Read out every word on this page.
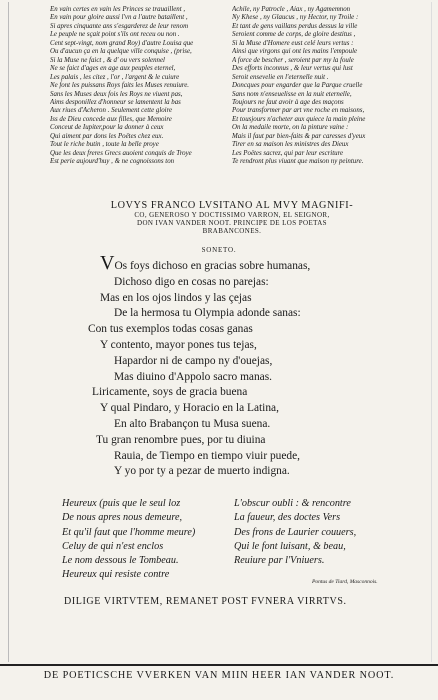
En vain certes en vain les Princes se trauaillent ,
En vain pour gloire aussi l'vn a l'autre bataillent ,
Si apres cinquante ans s'esgarderez de leur renom
Le peuple ne sçait point s'ils ont receu ou non .
Cent sept-vingt, nom grand Roy) d'autre Louisa que
Ou d'aucun ça en la quelque ville conquise , (prise,
Si la Muse ne faict , & d' ou vers solennel
Ne se faict d'ages en age aux peuples eternel,
Les palais , les citez , l'or , l'argent & le cuiure
Ne font les puissans Roys faits les Muses renuiure.
Sans les Muses deux fois les Roys ne viuent pas,
Aims desponillez d'honneur se lamentent la bas
Aux riues d'Acheron . Seulement cette gloire
Iss de Dieu concede aux filles, que Memoire
Conceut de Iupiter,pour la donner à ceux
Qui aiment par dons les Poëtes chez eux.
Tout le riche butin , toute la belle proye
Que les deux freres Grecs auoient conquis de Troye
Est perie aujourd'huy , & ne cognoissons ton
Achile, ny Patrocle , Aiax , ny Agamemnon
Ny Khese , ny Glaucus , ny Hector, ny Troile :
Et tant de gens vaillans perdus dessus la ville
Seroient comme de corps, de gloire destitus ,
Si la Muse d'Homere eust celé leurs vertus :
Ainsi que virgons qui ont les mains l'empoule
A force de bescher , seroient par my la foule
Des efforts inconnus , & leur vertus qui lust
Seroit ensevelie en l'eternelle nuit .
Doncques pour engarder que la Parque cruelle
Sans nom n'enseuelisse en la nuit eternelle,
Toujours ne faut avoir à age des maçons
Pour transformer par art vne roche en maisons,
Et tousjours n'acheter aux quiece la main pleine
On la medaile morte, on la pinture vaine :
Mais il faut par bien-faits & par caresses d'yeux
Tirer en sa maison les ministres des Dieux
Les Poëtes sacrez, qui par leur escriture
Te rendront plus viuant que maison ny peinture.
LOVYS FRANCO LVSITANO AL MVY MAGNIFI-
CO, GENEROSO Y DOCTISSIMO VARRON, EL SEIGNOR,
DON IVAN VANDER NOOT. PRINCIPE DE LOS POETAS
BRABANCONES.
SONETO.
VOs foys dichoso en gracias sobre humanas,
Dichoso digo en cosas no parejas:
Mas en los ojos lindos y las çejas
De la hermosa tu Olympia adonde sanas:
Con tus exemplos todas cosas ganas
Y contento, mayor pones tus tejas,
Hapardor ni de campo ny d'ouejas,
Mas diuino d'Appolo sacro manas.
Liricamente, soys de gracia buena
Y qual Pindaro, y Horacio en la Latina,
En alto Brabançon tu Musa suena.
Tu gran renombre pues, por tu diuina
Rauia, de Tiempo en tiempo viuir puede,
Y yo por ty a pezar de muerto indigna.
Heureux (puis que le seul loz
De nous apres nous demeure,
Et qu'il faut que l'homme meure)
Celuy de qui n'est enclos
Le nom dessous le Tombeau.
Heureux qui resiste contre
L'obscur oubli : & rencontre
La faueur, des doctes Vers
Des frons de Laurier couuers,
Qui le font luisant, & beau,
Reuiure par l'Vniuers.
Pontus de Tiard, Masconnois.
DILIGE VIRTVTEM, REMANET POST FVNERA VIRRTVS.
DE POETICSCHE VVERKEN VAN MIIN HEER IAN VANDER NOOT.
